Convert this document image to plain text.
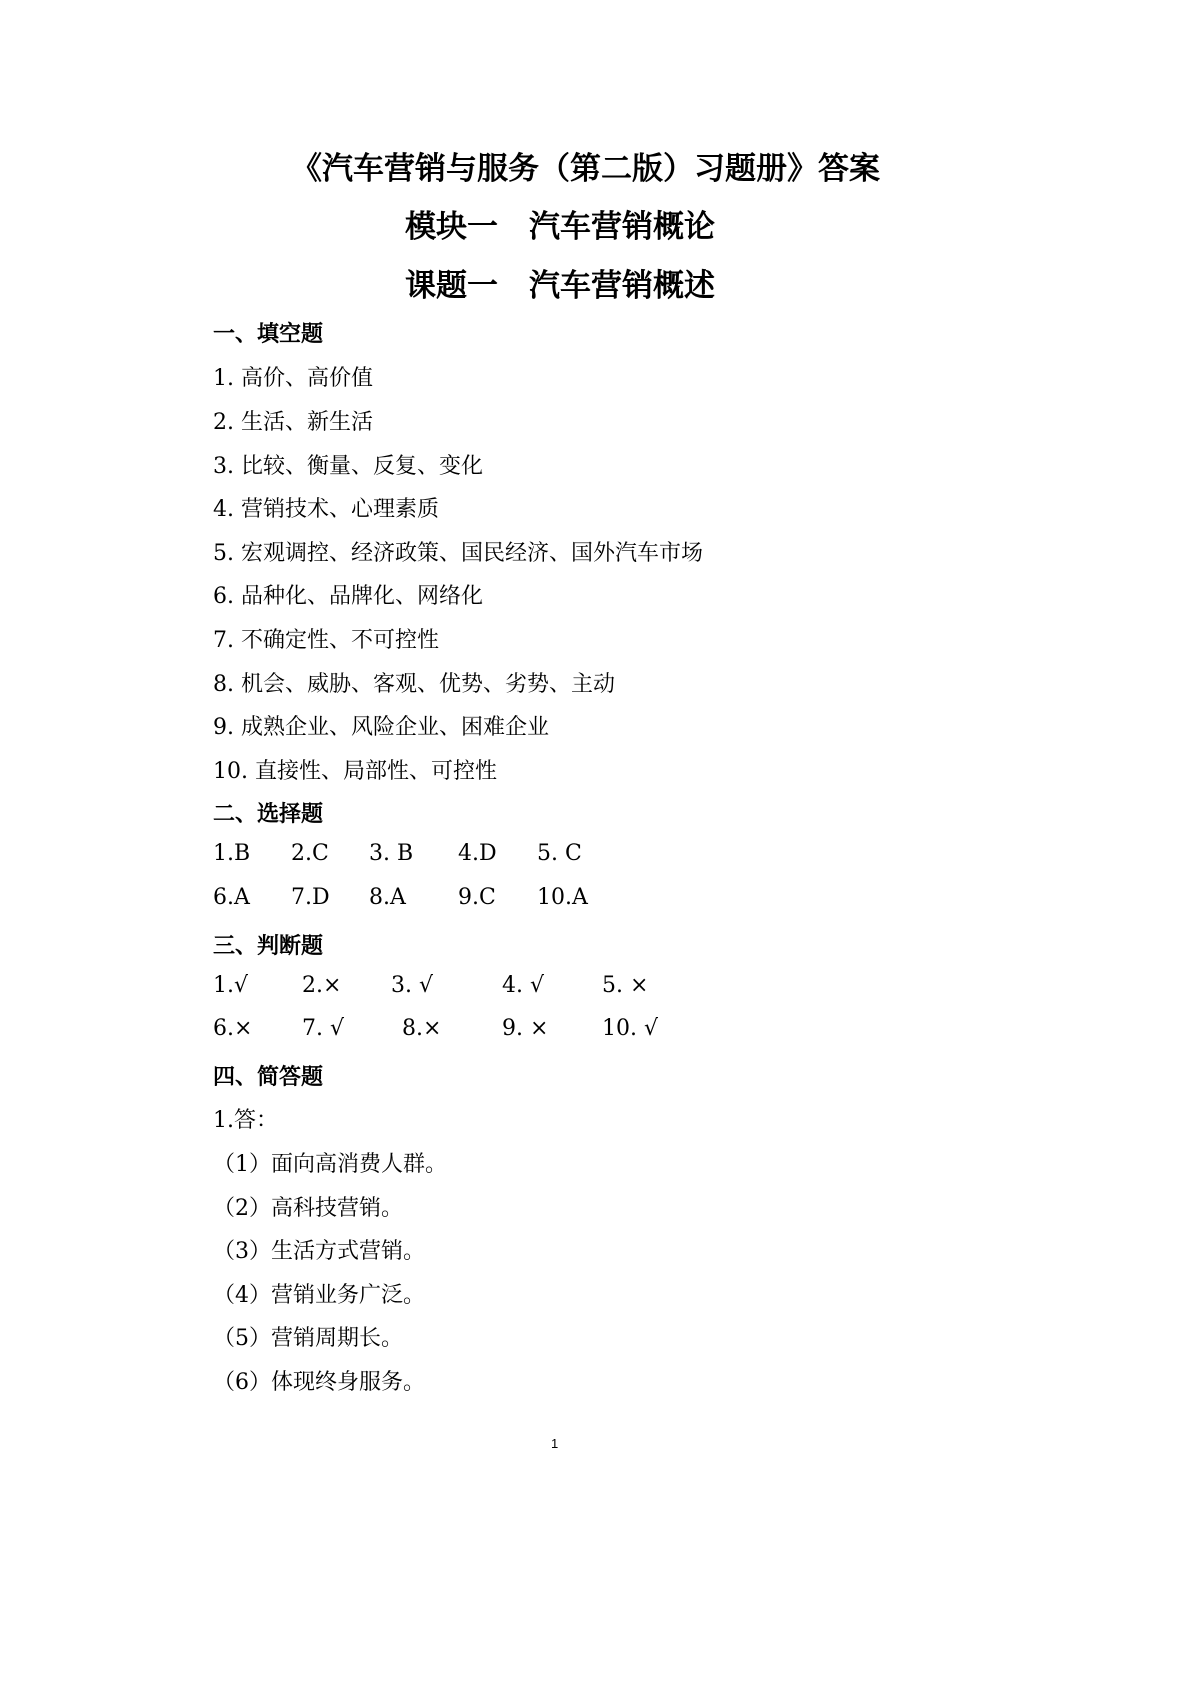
《汽车营销与服务（第二版）习题册》答案
模块一　汽车营销概论
课题一　汽车营销概述
一、填空题
1. 高价、高价值
2. 生活、新生活
3. 比较、衡量、反复、变化
4. 营销技术、心理素质
5. 宏观调控、经济政策、国民经济、国外汽车市场
6. 品种化、品牌化、网络化
7. 不确定性、不可控性
8. 机会、威胁、客观、优势、劣势、主动
9. 成熟企业、风险企业、困难企业
10. 直接性、局部性、可控性
二、选择题
1.B 2.C 3. B 4.D 5. C
6.A 7.D 8.A 9.C 10.A
三、判断题
1.√ 2.× 3. √	4. √	5. ×
6.× 7. √	8.×	9. × 10. √
四、简答题
1.答：
（1）面向高消费人群。
（2）高科技营销。
（3）生活方式营销。
（4）营销业务广泛。
（5）营销周期长。
（6）体现终身服务。
1
